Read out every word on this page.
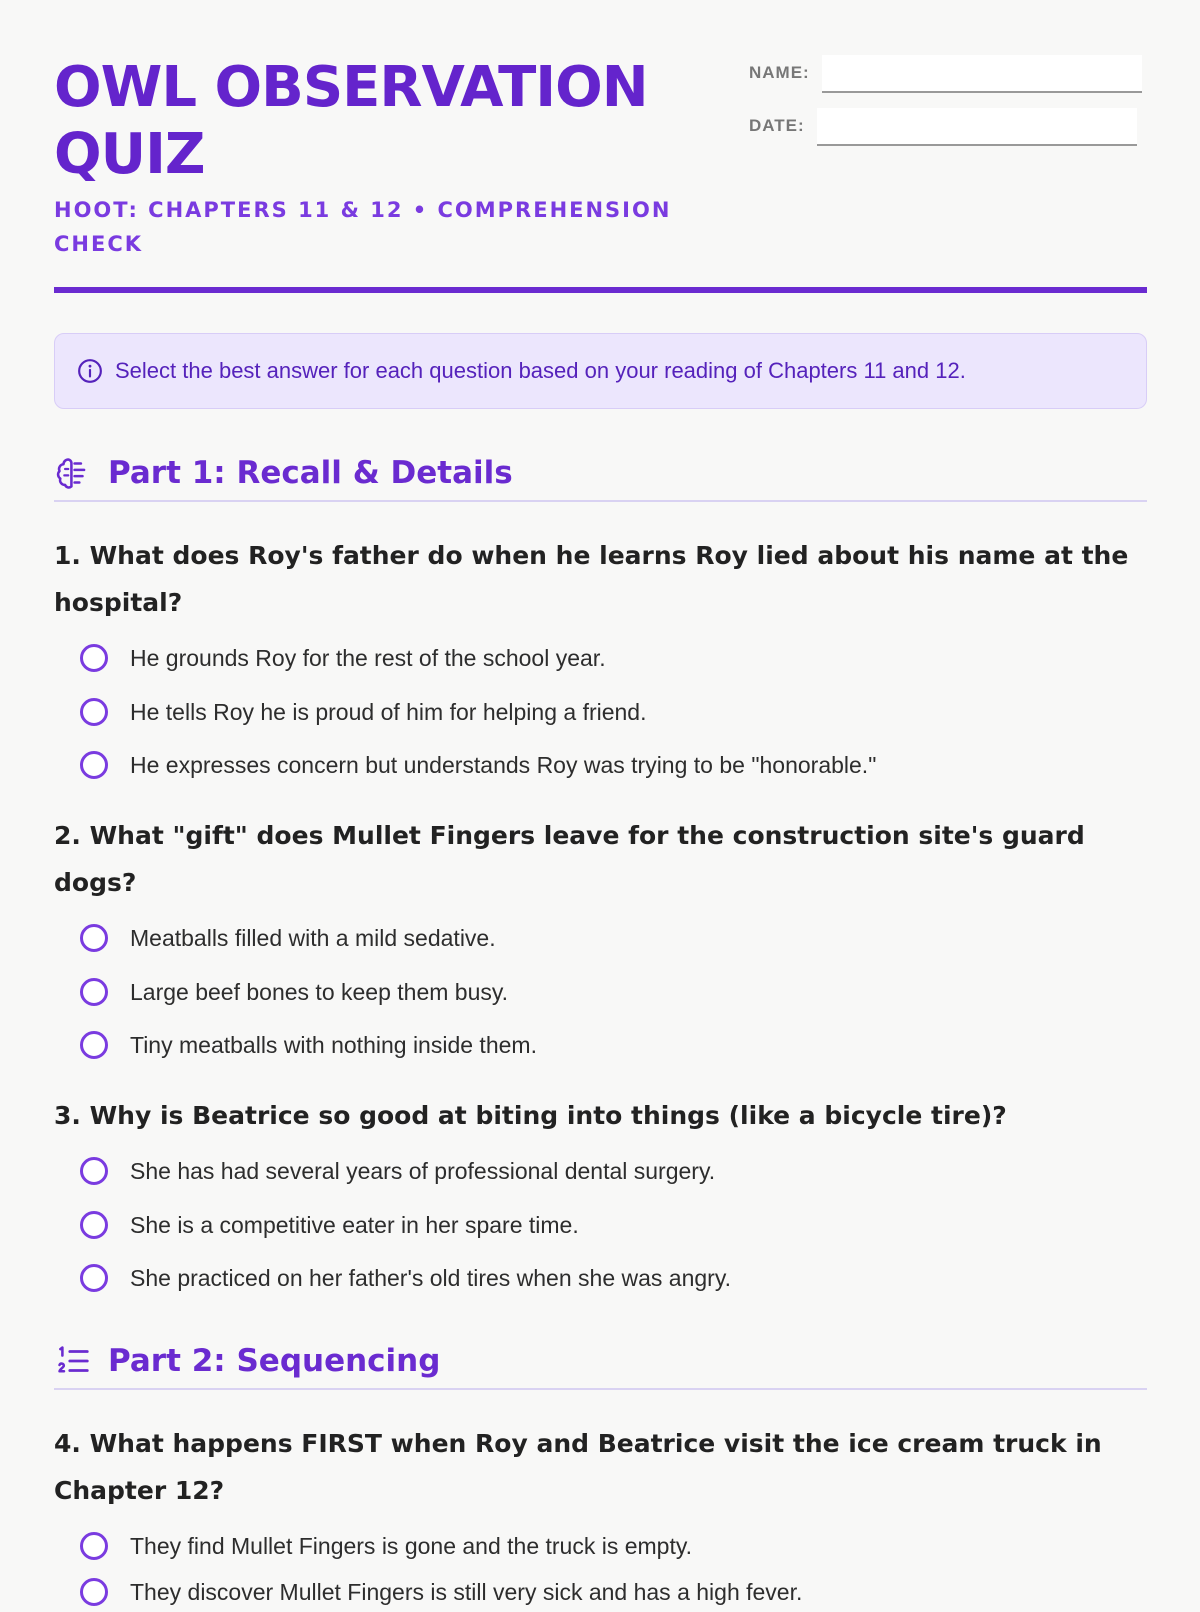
OWL OBSERVATION QUIZ
HOOT: CHAPTERS 11 & 12 • COMPREHENSION CHECK
NAME:
DATE:
Select the best answer for each question based on your reading of Chapters 11 and 12.
Part 1: Recall & Details

1. What does Roy's father do when he learns Roy lied about his name at the hospital?

He grounds Roy for the rest of the school year.
He tells Roy he is proud of him for helping a friend.
He expresses concern but understands Roy was trying to be "honorable."

2. What "gift" does Mullet Fingers leave for the construction site's guard dogs?

Meatballs filled with a mild sedative.
Large beef bones to keep them busy.
Tiny meatballs with nothing inside them.

3. Why is Beatrice so good at biting into things (like a bicycle tire)?

She has had several years of professional dental surgery.
She is a competitive eater in her spare time.
She practiced on her father's old tires when she was angry.
Part 2: Sequencing

4. What happens FIRST when Roy and Beatrice visit the ice cream truck in Chapter 12?

They find Mullet Fingers is gone and the truck is empty.
They discover Mullet Fingers is still very sick and has a high fever.
